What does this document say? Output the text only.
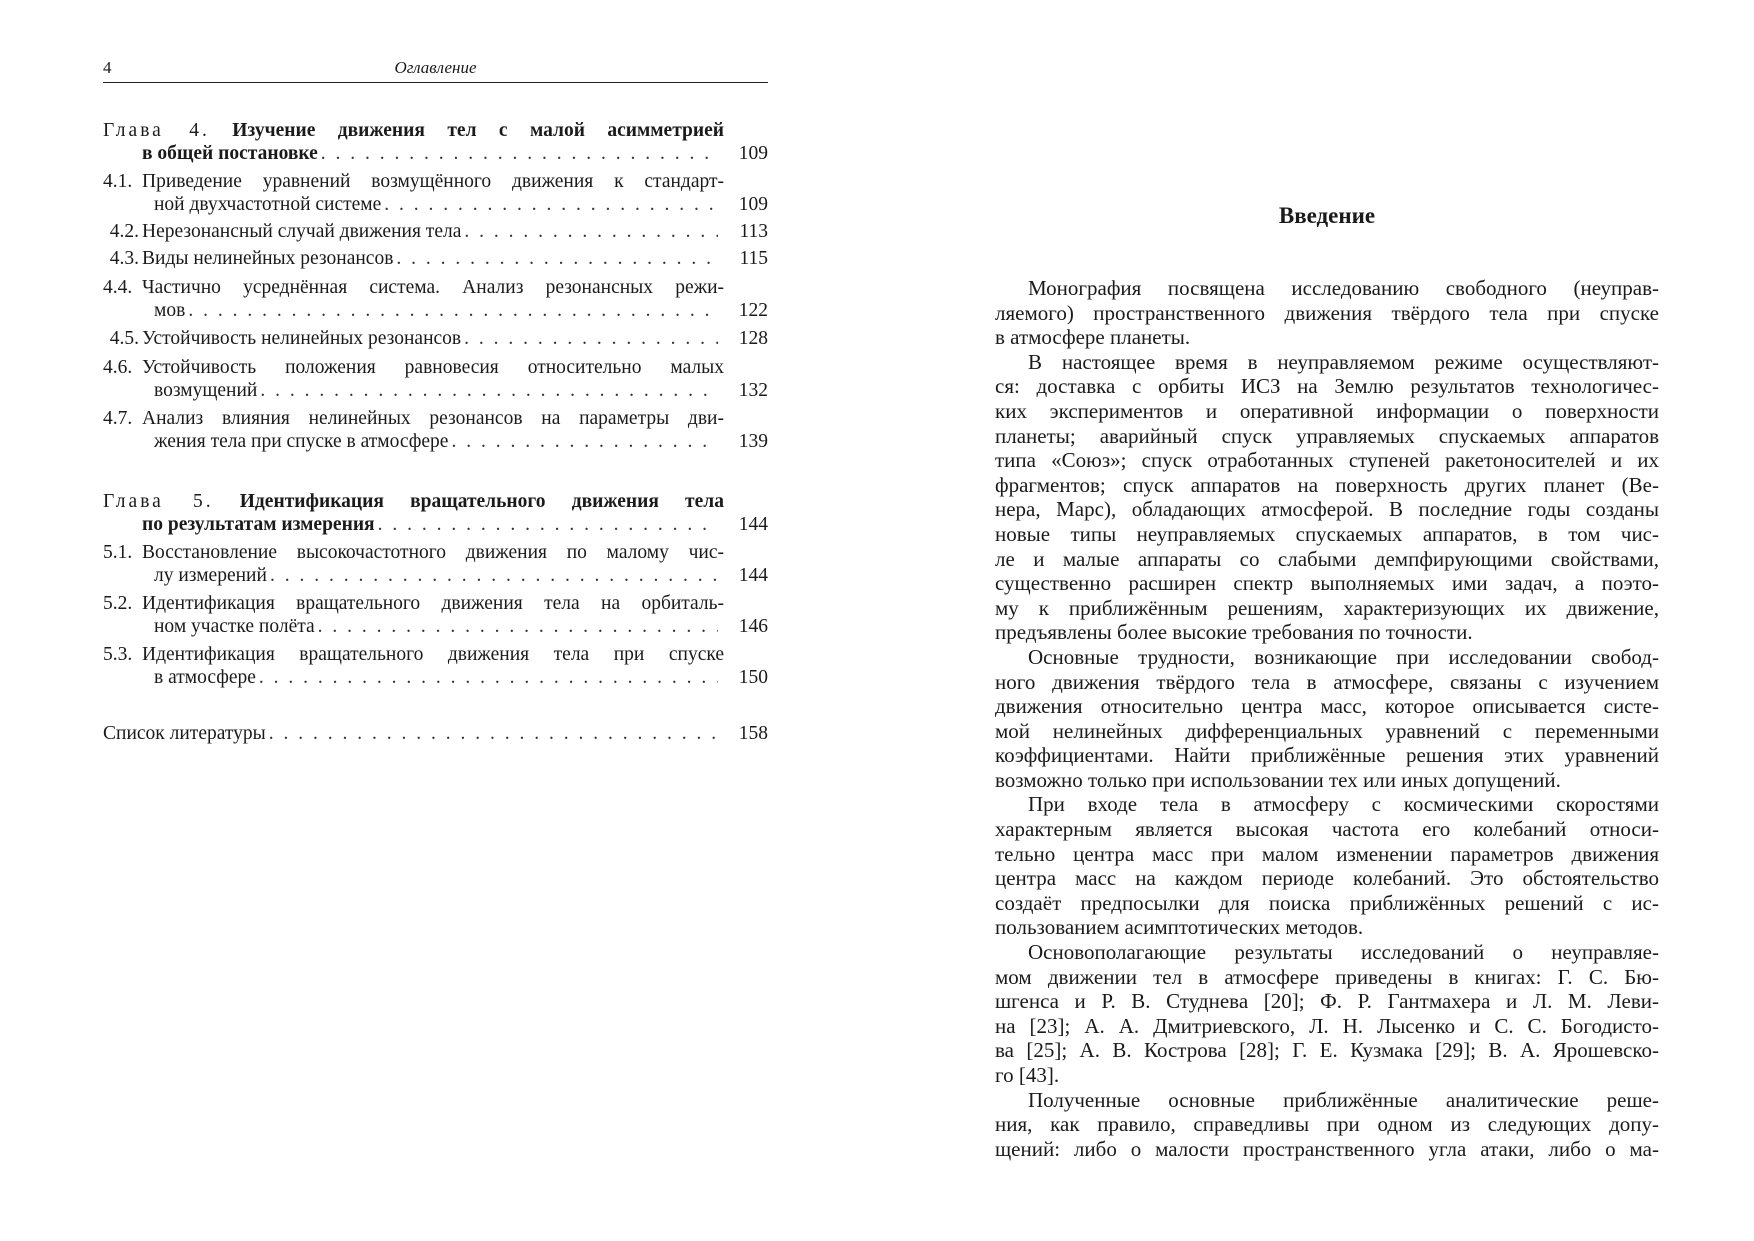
4	Оглавление
Глава 4. Изучение движения тел с малой асимметрией
в общей постановке . . .	109
4.1. Приведение уравнений возмущённого движения к стандарт-
ной двухчастотной системе . . .	109
4.2. Нерезонансный случай движения тела . . .	113
4.3. Виды нелинейных резонансов . . .	115
4.4. Частично усреднённая система. Анализ резонансных режи-
мов . . .	122
4.5. Устойчивость нелинейных резонансов . . .	128
4.6. Устойчивость положения равновесия относительно малых
возмущений . . .	132
4.7. Анализ влияния нелинейных резонансов на параметры дви-
жения тела при спуске в атмосфере . . .	139
Глава 5. Идентификация вращательного движения тела
по результатам измерения . . .	144
5.1. Восстановление высокочастотного движения по малому чис-
лу измерений . . .	144
5.2. Идентификация вращательного движения тела на орбиталь-
ном участке полёта . . .	146
5.3. Идентификация вращательного движения тела при спуске
в атмосфере . . .	150
Список литературы . . .	158
Введение
Монография посвящена исследованию свободного (неуправ-
ляемого) пространственного движения твёрдого тела при спуске
в атмосфере планеты.
В настоящее время в неуправляемом режиме осуществляют-
ся: доставка с орбиты ИСЗ на Землю результатов технологичес-
ких экспериментов и оперативной информации о поверхности
планеты; аварийный спуск управляемых спускаемых аппаратов
типа «Союз»; спуск отработанных ступеней ракетоносителей и их
фрагментов; спуск аппаратов на поверхность других планет (Ве-
нера, Марс), обладающих атмосферой. В последние годы созданы
новые типы неуправляемых спускаемых аппаратов, в том чис-
ле и малые аппараты со слабыми демпфирующими свойствами,
существенно расширен спектр выполняемых ими задач, а поэто-
му к приближённым решениям, характеризующих их движение,
предъявлены более высокие требования по точности.
Основные трудности, возникающие при исследовании свобод-
ного движения твёрдого тела в атмосфере, связаны с изучением
движения относительно центра масс, которое описывается систе-
мой нелинейных дифференциальных уравнений с переменными
коэффициентами. Найти приближённые решения этих уравнений
возможно только при использовании тех или иных допущений.
При входе тела в атмосферу с космическими скоростями
характерным является высокая частота его колебаний относи-
тельно центра масс при малом изменении параметров движения
центра масс на каждом периоде колебаний. Это обстоятельство
создаёт предпосылки для поиска приближённых решений с ис-
пользованием асимптотических методов.
Основополагающие результаты исследований о неуправляе-
мом движении тел в атмосфере приведены в книгах: Г. С. Бю-
шгенса и Р. В. Студнева [20]; Ф. Р. Гантмахера и Л. М. Леви-
на [23]; А. А. Дмитриевского, Л. Н. Лысенко и С. С. Богодисто-
ва [25]; А. В. Кострова [28]; Г. Е. Кузмака [29]; В. А. Ярошевско-
го [43].
Полученные основные приближённые аналитические реше-
ния, как правило, справедливы при одном из следующих допу-
щений: либо о малости пространственного угла атаки, либо о ма-
